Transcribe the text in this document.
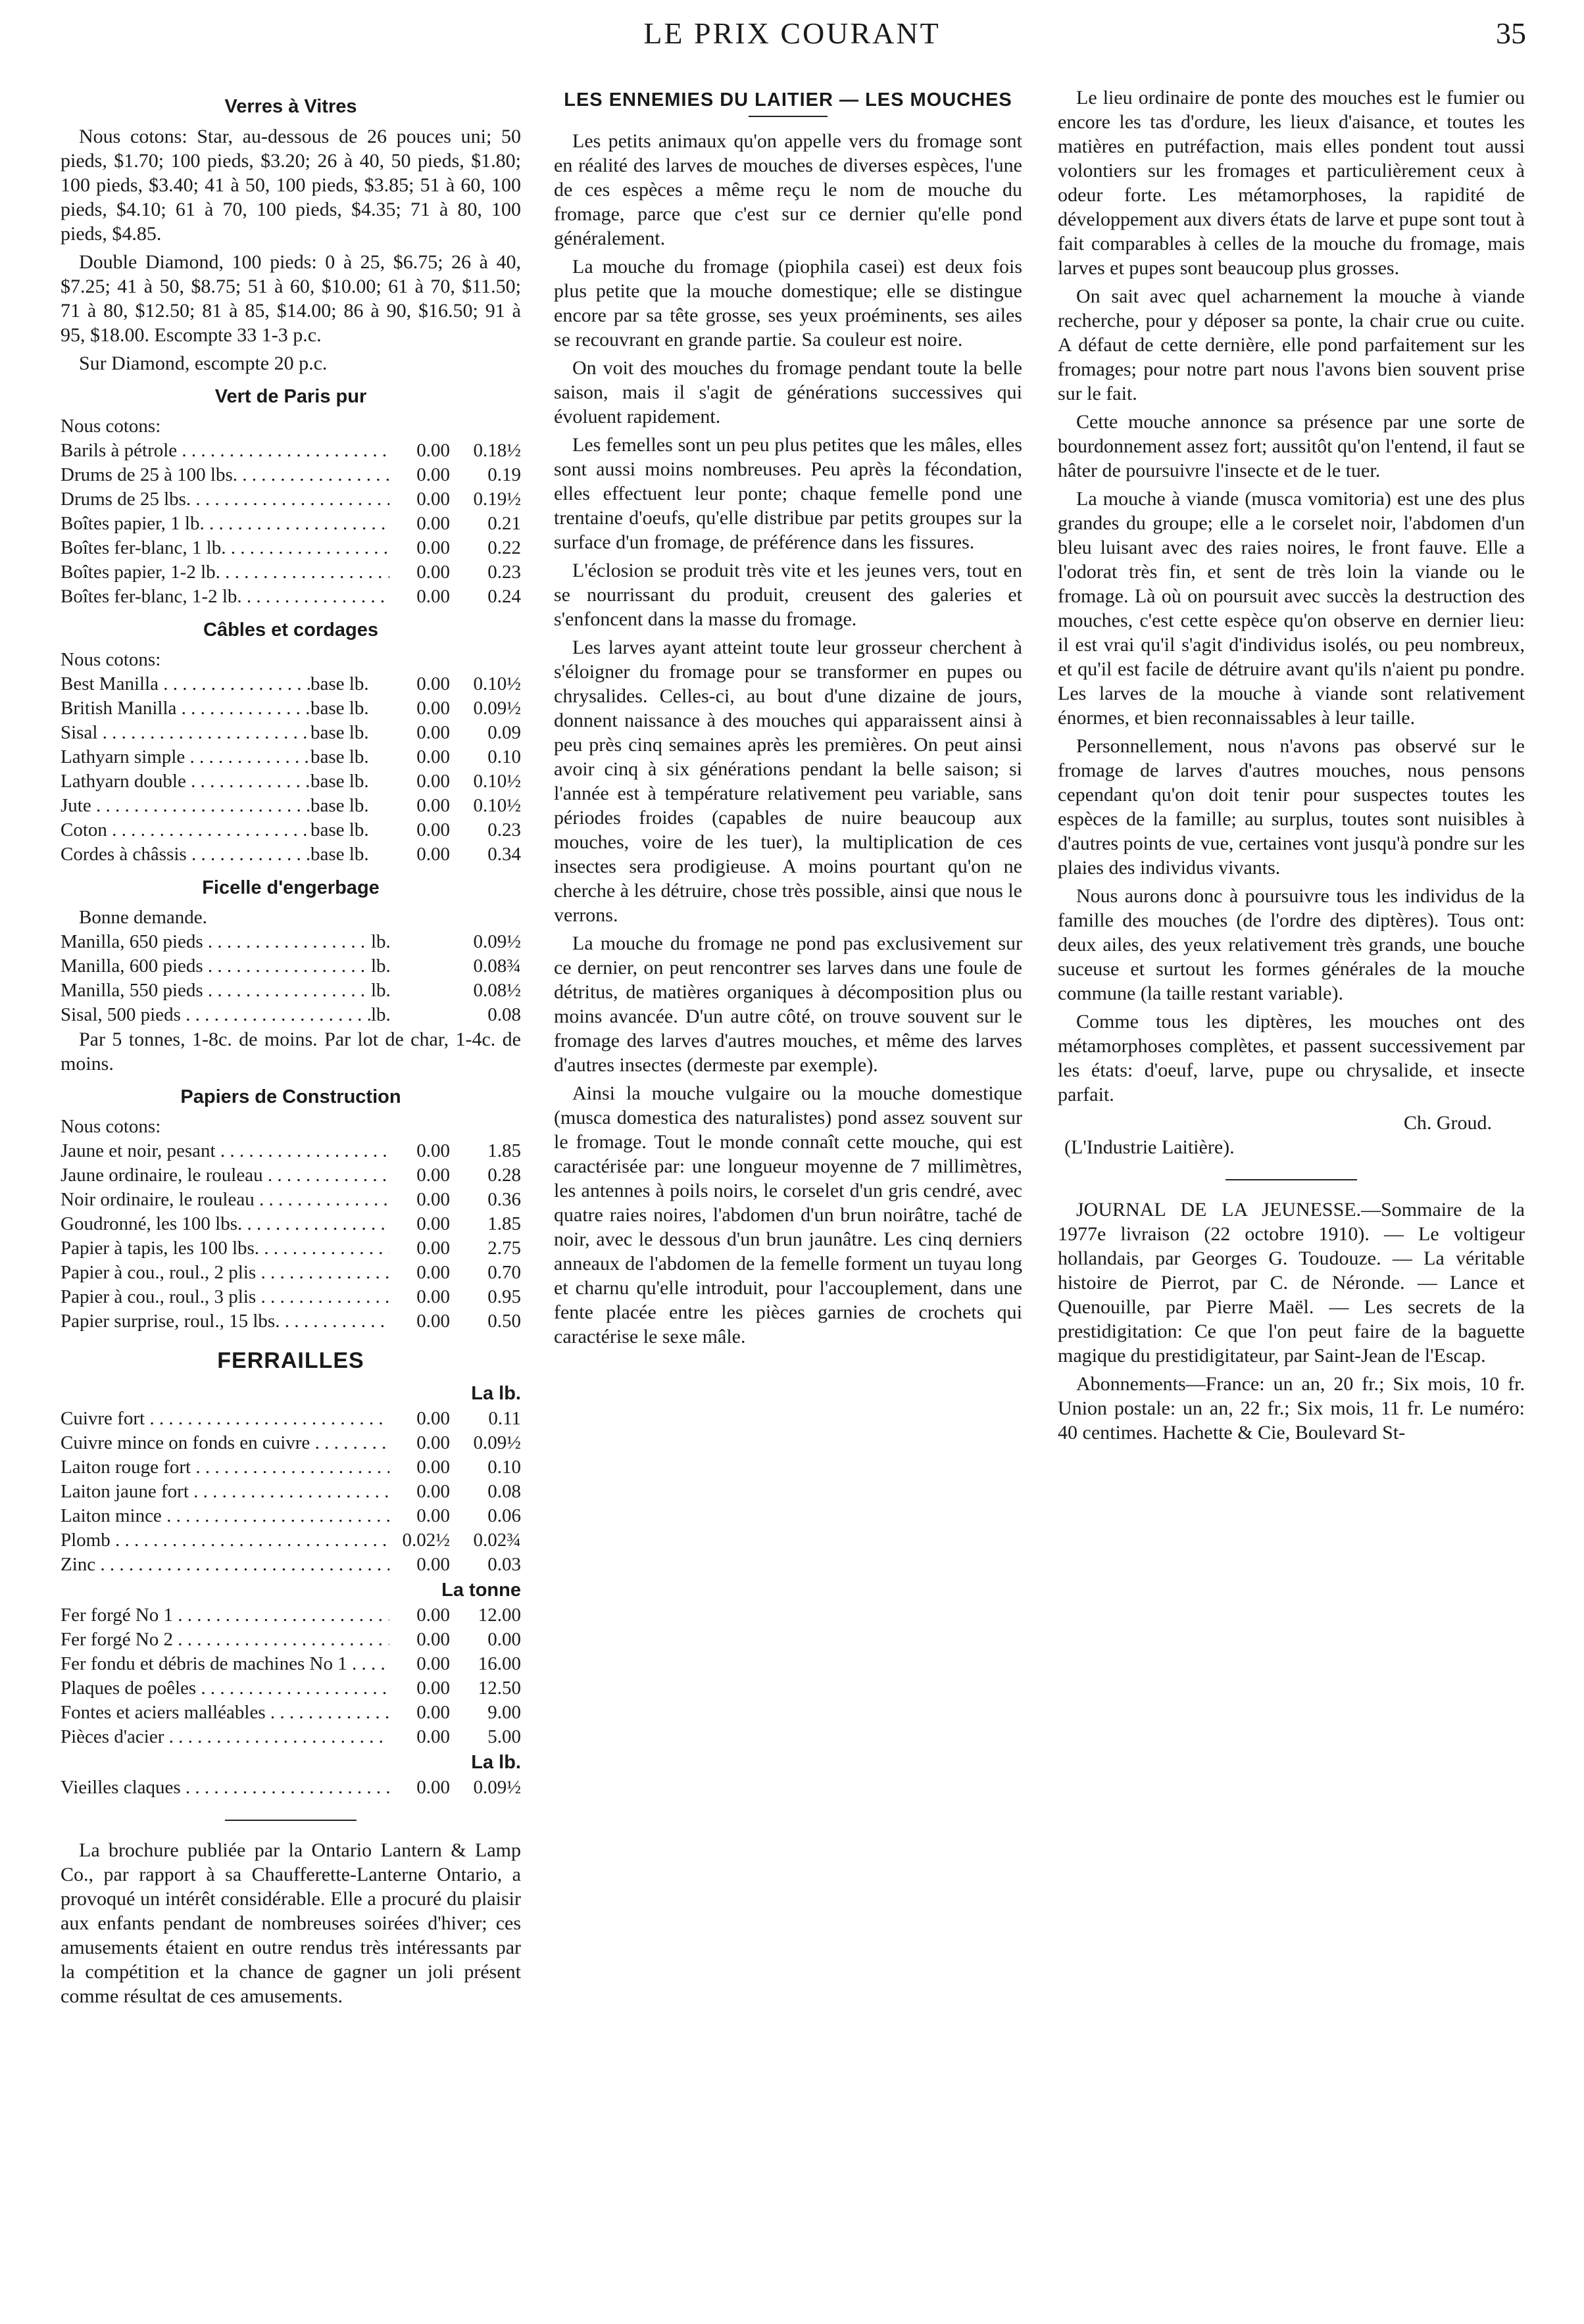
LE PRIX COURANT	35
Verres à Vitres
Nous cotons: Star, au-dessous de 26 pouces uni; 50 pieds, $1.70; 100 pieds, $3.20; 26 à 40, 50 pieds, $1.80; 100 pieds, $3.40; 41 à 50, 100 pieds, $3.85; 51 à 60, 100 pieds, $4.10; 61 à 70, 100 pieds, $4.35; 71 à 80, 100 pieds, $4.85.
Double Diamond, 100 pieds: 0 à 25, $6.75; 26 à 40, $7.25; 41 à 50, $8.75; 51 à 60, $10.00; 61 à 70, $11.50; 71 à 80, $12.50; 81 à 85, $14.00; 86 à 90, $16.50; 91 à 95, $18.00. Escompte 33 1-3 p.c.
Sur Diamond, escompte 20 p.c.
Vert de Paris pur
Nous cotons:
Barils à pétrole . . .	0.00	0.18½
Drums de 25 à 100 lbs. . . .	0.00	0.19
Drums de 25 lbs. . . .	0.00	0.19½
Boîtes papier, 1 lb. . . .	0.00	0.21
Boîtes fer-blanc, 1 lb. . . .	0.00	0.22
Boîtes papier, 1-2 lb. . . .	0.00	0.23
Boîtes fer-blanc, 1-2 lb. . . .	0.00	0.24
Câbles et cordages
Nous cotons:
Best Manilla . . .	base lb.	0.00	0.10½
British Manilla . . .	base lb.	0.00	0.09½
Sisal . . .	base lb.	0.00	0.09
Lathyarn simple . . .	base lb.	0.00	0.10
Lathyarn double . . .	base lb.	0.00	0.10½
Jute . . .	base lb.	0.00	0.10½
Coton . . .	base lb.	0.00	0.23
Cordes à châssis . . .	base lb.	0.00	0.34
Ficelle d'engerbage
Bonne demande.
Manilla, 650 pieds . . .	lb.	0.09½
Manilla, 600 pieds . . .	lb.	0.08¾
Manilla, 550 pieds . . .	lb.	0.08½
Sisal, 500 pieds . . .	lb.	0.08
Par 5 tonnes, 1-8c. de moins. Par lot de char, 1-4c. de moins.
Papiers de Construction
Nous cotons:
Jaune et noir, pesant . . .	0.00	1.85
Jaune ordinaire, le rouleau . . .	0.00	0.28
Noir ordinaire, le rouleau . . .	0.00	0.36
Goudronné, les 100 lbs. . . .	0.00	1.85
Papier à tapis, les 100 lbs. . . .	0.00	2.75
Papier à cou., roul., 2 plis . . .	0.00	0.70
Papier à cou., roul., 3 plis . . .	0.00	0.95
Papier surprise, roul., 15 lbs. . . .	0.00	0.50
FERRAILLES
La lb.
Cuivre fort . . .	0.00	0.11
Cuivre mince on fonds en cuivre . . .	0.00	0.09½
Laiton rouge fort . . .	0.00	0.10
Laiton jaune fort . . .	0.00	0.08
Laiton mince . . .	0.00	0.06
Plomb . . .	0.02½	0.02¾
Zinc . . .	0.00	0.03
La tonne
Fer forgé No 1 . . .	0.00	12.00
Fer forgé No 2 . . .	0.00	0.00
Fer fondu et débris de machines No 1 . . .	0.00	16.00
Plaques de poêles . . .	0.00	12.50
Fontes et aciers malléables . . .	0.00	9.00
Pièces d'acier . . .	0.00	5.00
La lb.
Vieilles claques . . .	0.00	0.09½
La brochure publiée par la Ontario Lantern & Lamp Co., par rapport à sa Chaufferette-Lanterne Ontario, a provoqué un intérêt considérable. Elle a procuré du plaisir aux enfants pendant de nombreuses soirées d'hiver; ces amusements étaient en outre rendus très intéressants par la compétition et la chance de gagner un joli présent comme résultat de ces amusements.
LES ENNEMIES DU LAITIER — LES MOUCHES
Les petits animaux qu'on appelle vers du fromage sont en réalité des larves de mouches de diverses espèces, l'une de ces espèces a même reçu le nom de mouche du fromage, parce que c'est sur ce dernier qu'elle pond généralement.
La mouche du fromage (piophila casei) est deux fois plus petite que la mouche domestique; elle se distingue encore par sa tête grosse, ses yeux proéminents, ses ailes se recouvrant en grande partie. Sa couleur est noire.
On voit des mouches du fromage pendant toute la belle saison, mais il s'agit de générations successives qui évoluent rapidement.
Les femelles sont un peu plus petites que les mâles, elles sont aussi moins nombreuses. Peu après la fécondation, elles effectuent leur ponte; chaque femelle pond une trentaine d'oeufs, qu'elle distribue par petits groupes sur la surface d'un fromage, de préférence dans les fissures.
L'éclosion se produit très vite et les jeunes vers, tout en se nourrissant du produit, creusent des galeries et s'enfoncent dans la masse du fromage.
Les larves ayant atteint toute leur grosseur cherchent à s'éloigner du fromage pour se transformer en pupes ou chrysalides. Celles-ci, au bout d'une dizaine de jours, donnent naissance à des mouches qui apparaissent ainsi à peu près cinq semaines après les premières. On peut ainsi avoir cinq à six générations pendant la belle saison; si l'année est à température relativement peu variable, sans périodes froides (capables de nuire beaucoup aux mouches, voire de les tuer), la multiplication de ces insectes sera prodigieuse. A moins pourtant qu'on ne cherche à les détruire, chose très possible, ainsi que nous le verrons.
La mouche du fromage ne pond pas exclusivement sur ce dernier, on peut rencontrer ses larves dans une foule de détritus, de matières organiques à décomposition plus ou moins avancée. D'un autre côté, on trouve souvent sur le fromage des larves d'autres mouches, et même des larves d'autres insectes (dermeste par exemple).
Ainsi la mouche vulgaire ou la mouche domestique (musca domestica des naturalistes) pond assez souvent sur le fromage. Tout le monde connaît cette mouche, qui est caractérisée par: une longueur moyenne de 7 millimètres, les antennes à poils noirs, le corselet d'un gris cendré, avec quatre raies noires, l'abdomen d'un brun noirâtre, taché de noir, avec le dessous d'un brun jaunâtre. Les cinq derniers anneaux de l'abdomen de la femelle forment un tuyau long et charnu qu'elle introduit, pour l'accouplement, dans une fente placée entre les pièces garnies de crochets qui caractérise le sexe mâle.
Le lieu ordinaire de ponte des mouches est le fumier ou encore les tas d'ordure, les lieux d'aisance, et toutes les matières en putréfaction, mais elles pondent tout aussi volontiers sur les fromages et particulièrement ceux à odeur forte. Les métamorphoses, la rapidité de développement aux divers états de larve et pupe sont tout à fait comparables à celles de la mouche du fromage, mais larves et pupes sont beaucoup plus grosses.
On sait avec quel acharnement la mouche à viande recherche, pour y déposer sa ponte, la chair crue ou cuite. A défaut de cette dernière, elle pond parfaitement sur les fromages; pour notre part nous l'avons bien souvent prise sur le fait.
Cette mouche annonce sa présence par une sorte de bourdonnement assez fort; aussitôt qu'on l'entend, il faut se hâter de poursuivre l'insecte et de le tuer.
La mouche à viande (musca vomitoria) est une des plus grandes du groupe; elle a le corselet noir, l'abdomen d'un bleu luisant avec des raies noires, le front fauve. Elle a l'odorat très fin, et sent de très loin la viande ou le fromage. Là où on poursuit avec succès la destruction des mouches, c'est cette espèce qu'on observe en dernier lieu: il est vrai qu'il s'agit d'individus isolés, ou peu nombreux, et qu'il est facile de détruire avant qu'ils n'aient pu pondre. Les larves de la mouche à viande sont relativement énormes, et bien reconnaissables à leur taille.
Personnellement, nous n'avons pas observé sur le fromage de larves d'autres mouches, nous pensons cependant qu'on doit tenir pour suspectes toutes les espèces de la famille; au surplus, toutes sont nuisibles à d'autres points de vue, certaines vont jusqu'à pondre sur les plaies des individus vivants.
Nous aurons donc à poursuivre tous les individus de la famille des mouches (de l'ordre des diptères). Tous ont: deux ailes, des yeux relativement très grands, une bouche suceuse et surtout les formes générales de la mouche commune (la taille restant variable).
Comme tous les diptères, les mouches ont des métamorphoses complètes, et passent successivement par les états: d'oeuf, larve, pupe ou chrysalide, et insecte parfait.
Ch. Groud.
(L'Industrie Laitière).
JOURNAL DE LA JEUNESSE.—Sommaire de la 1977e livraison (22 octobre 1910). — Le voltigeur hollandais, par Georges G. Toudouze. — La véritable histoire de Pierrot, par C. de Néronde. — Lance et Quenouille, par Pierre Maël. — Les secrets de la prestidigitation: Ce que l'on peut faire de la baguette magique du prestidigitateur, par Saint-Jean de l'Escap.
Abonnements—France: un an, 20 fr.; Six mois, 10 fr. Union postale: un an, 22 fr.; Six mois, 11 fr. Le numéro: 40 centimes. Hachette & Cie, Boulevard St-
